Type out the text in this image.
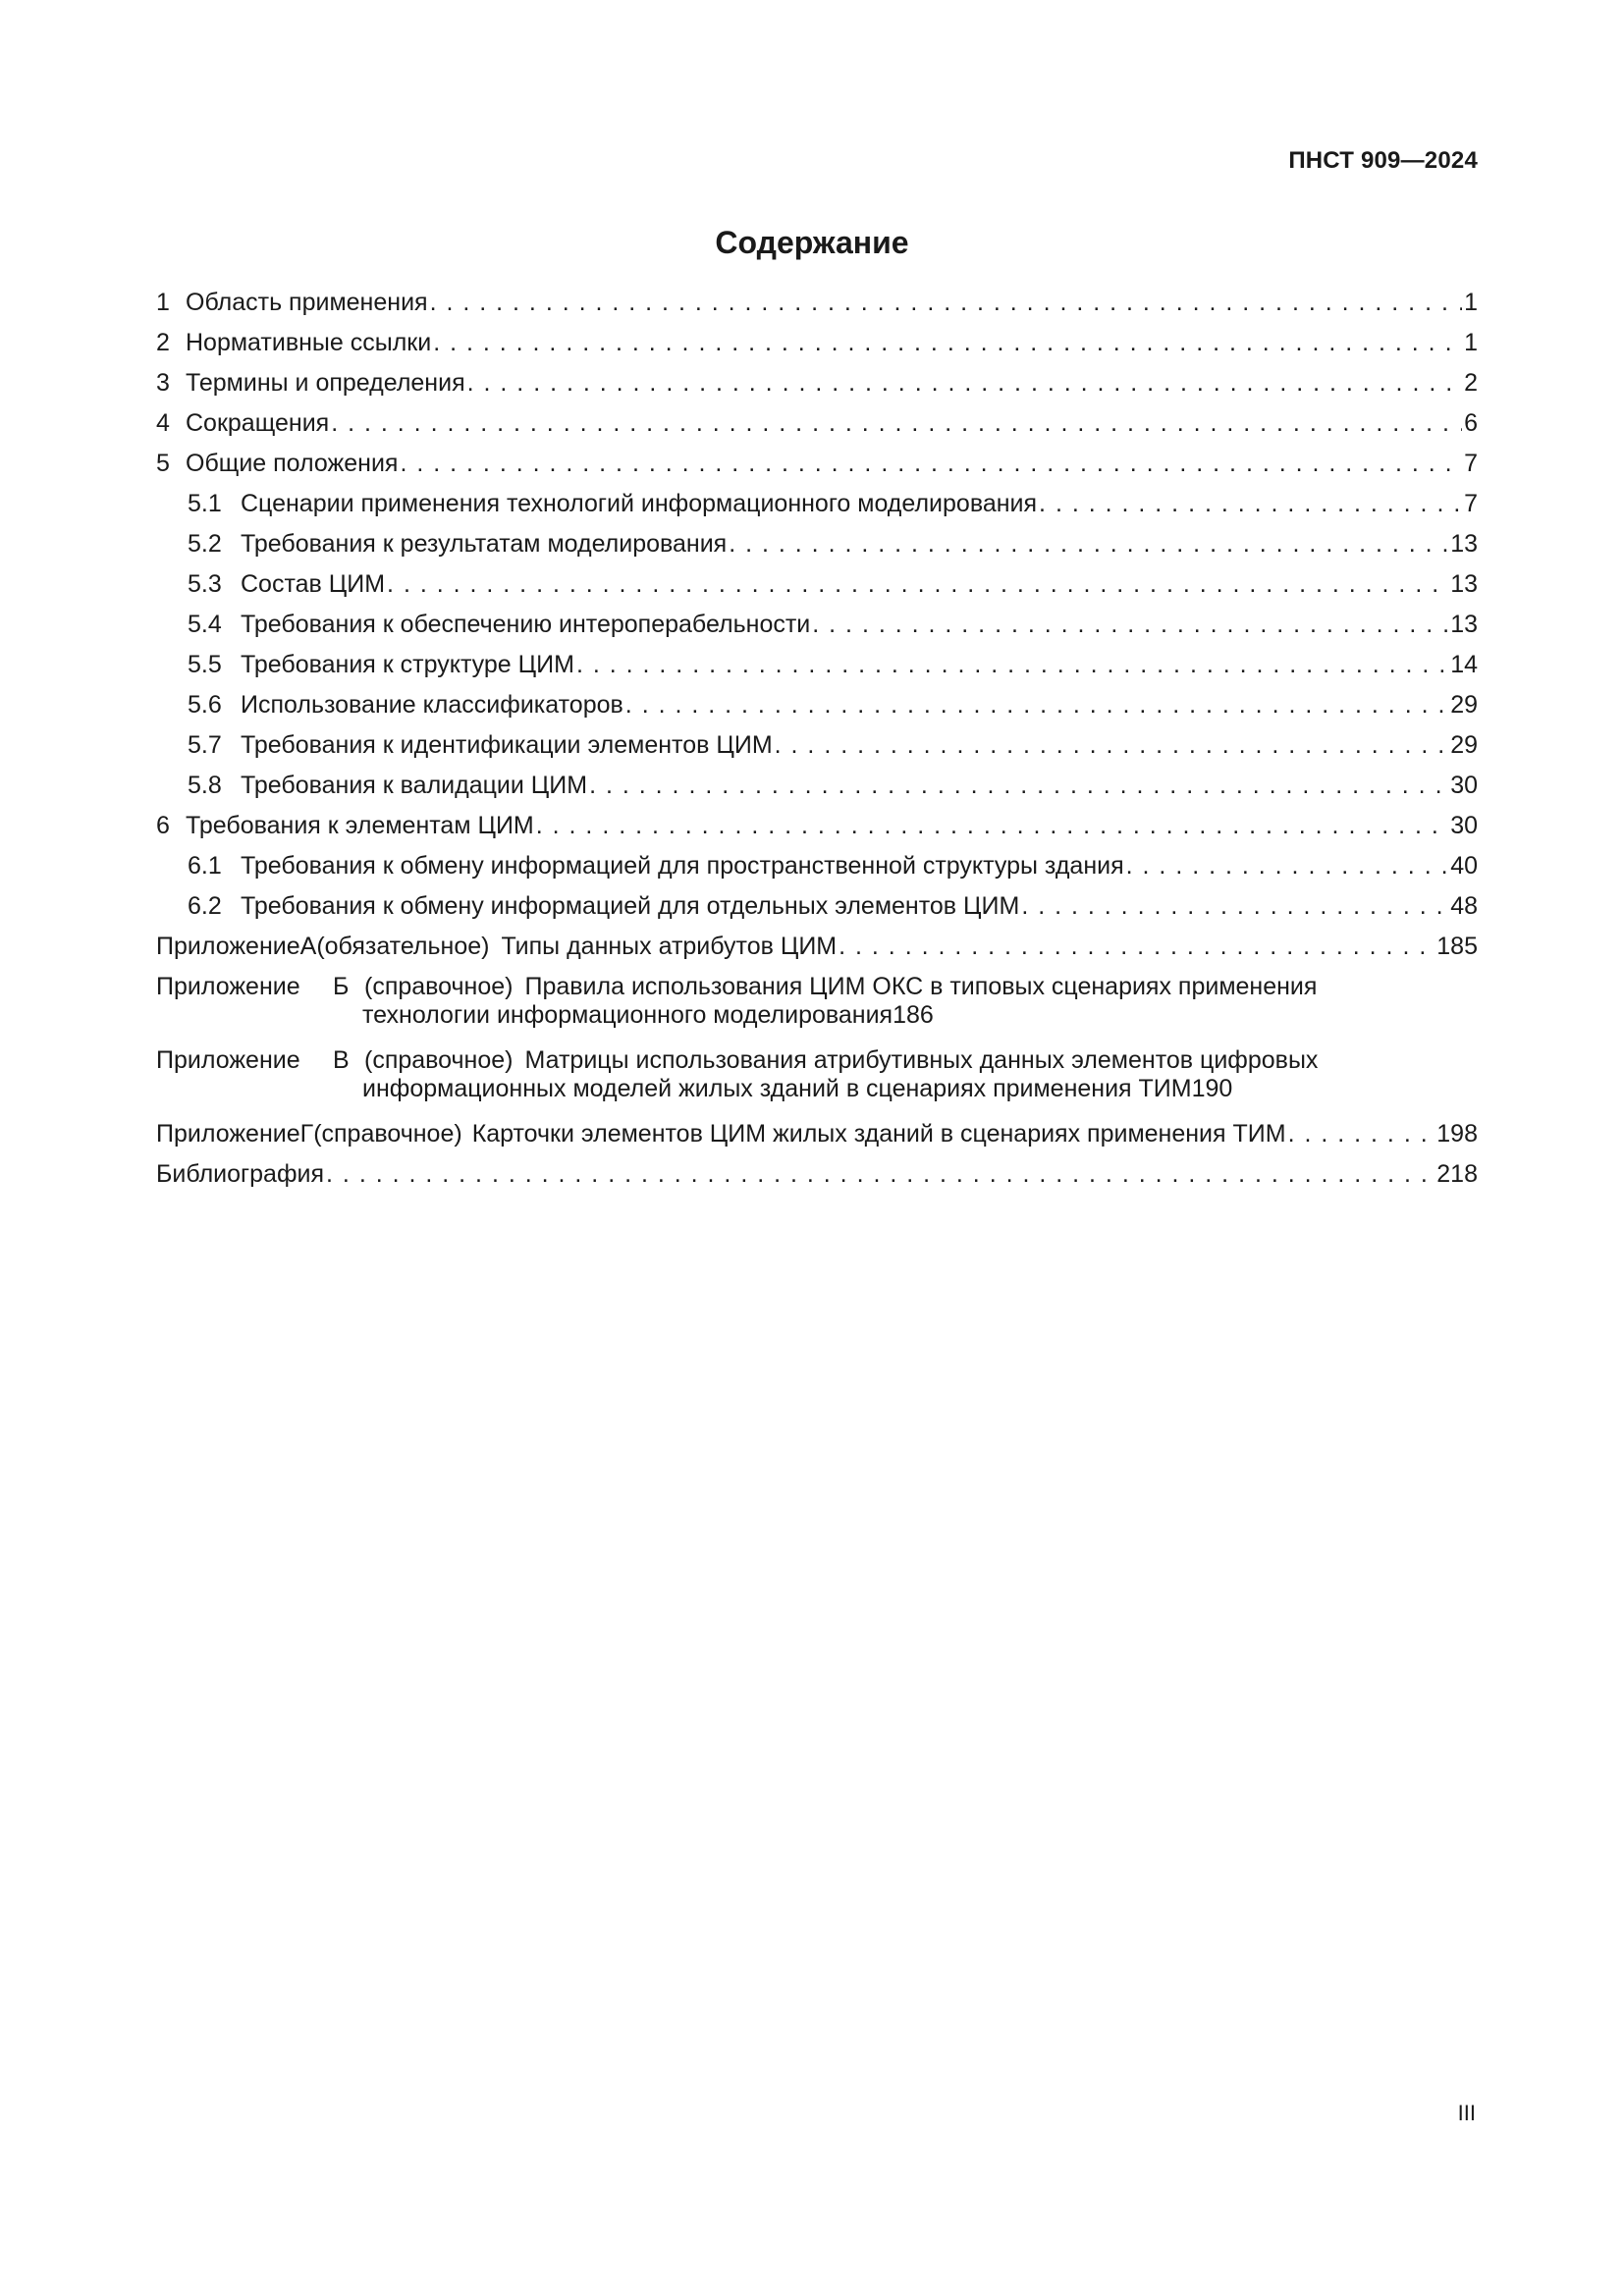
ПНСТ 909—2024
Содержание
1 Область применения . . .	1
2 Нормативные ссылки . . .	1
3 Термины и определения . . .	2
4 Сокращения . . .	6
5 Общие положения . . .	7
5.1 Сценарии применения технологий информационного моделирования . . .	7
5.2 Требования к результатам моделирования . . .	13
5.3 Состав ЦИМ . . .	13
5.4 Требования к обеспечению интероперабельности . . .	13
5.5 Требования к структуре ЦИМ . . .	14
5.6 Использование классификаторов . . .	29
5.7 Требования к идентификации элементов ЦИМ . . .	29
5.8 Требования к валидации ЦИМ . . .	30
6 Требования к элементам ЦИМ . . .	30
6.1 Требования к обмену информацией для пространственной структуры здания . . .	40
6.2 Требования к обмену информацией для отдельных элементов ЦИМ . . .	48
Приложение А (обязательное) Типы данных атрибутов ЦИМ . . .	185
Приложение	Б (справочное) Правила использования ЦИМ ОКС в типовых сценариях применения
технологии информационного моделирования 186
Приложение	В (справочное) Матрицы использования атрибутивных данных элементов цифровых
информационных моделей жилых зданий в сценариях применения ТИМ 190
Приложение Г (справочное) Карточки элементов ЦИМ жилых зданий в сценариях применения ТИМ . . .	198
Библиография . . .	218
III
